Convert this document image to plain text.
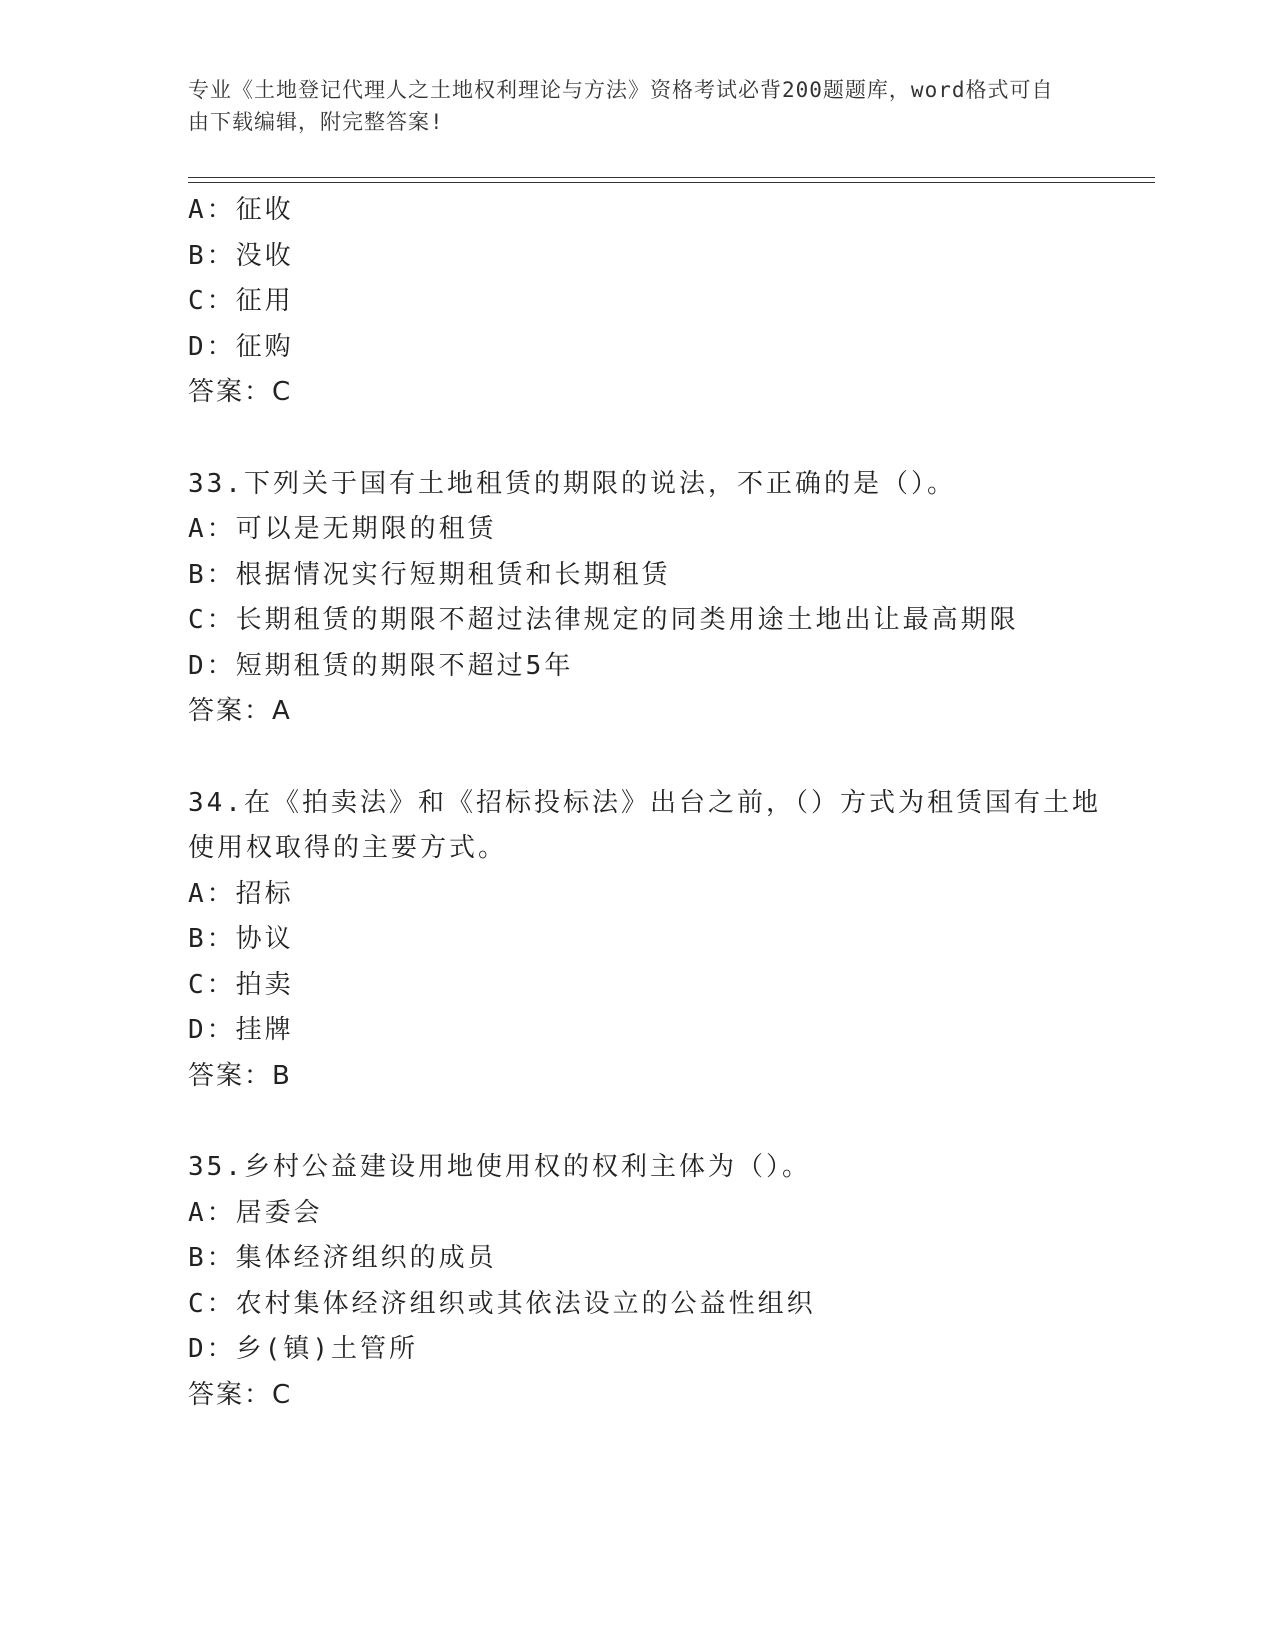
专业《土地登记代理人之土地权利理论与方法》资格考试必背200题题库，word格式可自由下载编辑，附完整答案!
A：征收
B：没收
C：征用
D：征购
答案：C
33.下列关于国有土地租赁的期限的说法，不正确的是（）。
A：可以是无期限的租赁
B：根据情况实行短期租赁和长期租赁
C：长期租赁的期限不超过法律规定的同类用途土地出让最高期限
D：短期租赁的期限不超过5年
答案：A
34.在《拍卖法》和《招标投标法》出台之前，（）方式为租赁国有土地使用权取得的主要方式。
A：招标
B：协议
C：拍卖
D：挂牌
答案：B
35.乡村公益建设用地使用权的权利主体为（）。
A：居委会
B：集体经济组织的成员
C：农村集体经济组织或其依法设立的公益性组织
D：乡(镇)土管所
答案：C
